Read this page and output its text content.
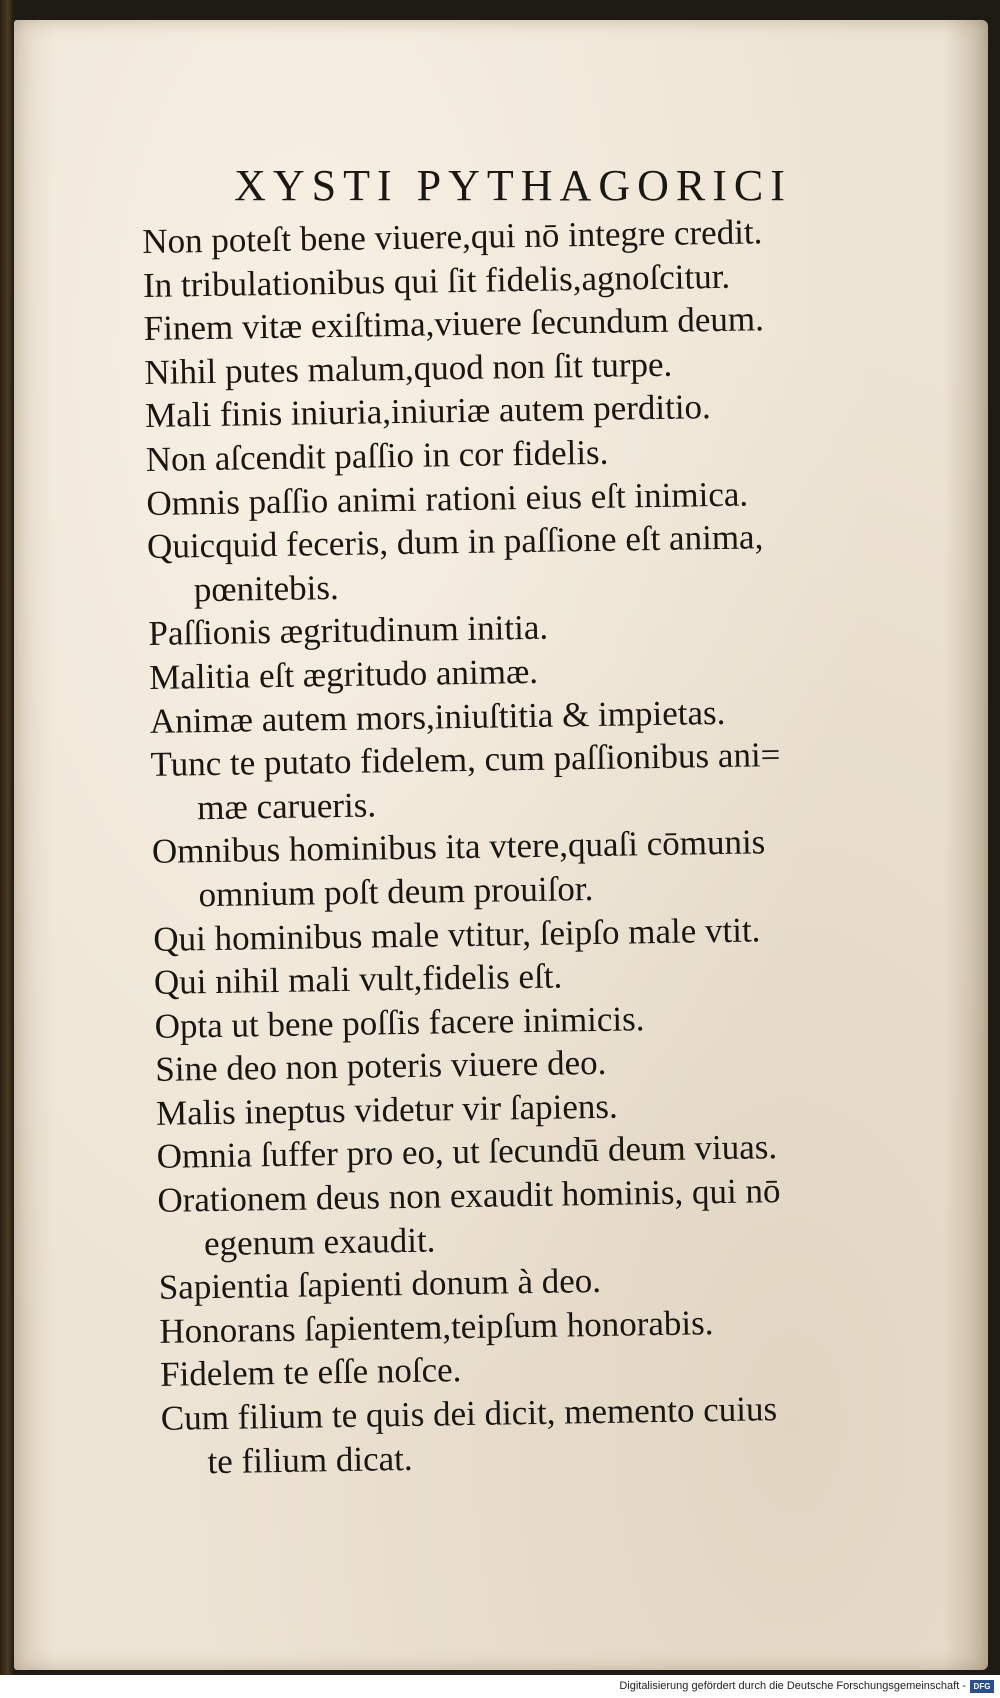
XYSTI PYTHAGORICI
Non poteſt bene viuere,qui nō integre credit.
In tribulationibus qui ſit fidelis,agnoſcitur.
Finem vitæ exiſtima,viuere ſecundum deum.
Nihil putes malum,quod non ſit turpe.
Mali finis iniuria,iniuriæ autem perditio.
Non aſcendit paſſio in cor fidelis.
Omnis paſſio animi rationi eius eſt inimica.
Quicquid feceris, dum in paſſione eſt anima,
pœnitebis.
Paſſionis ægritudinum initia.
Malitia eſt ægritudo animæ.
Animæ autem mors,iniuſtitia & impietas.
Tunc te putato fidelem, cum paſſionibus ani=
mæ carueris.
Omnibus hominibus ita vtere,quaſi cōmunis
omnium poſt deum prouiſor.
Qui hominibus male vtitur, ſeipſo male vtit.
Qui nihil mali vult,fidelis eſt.
Opta ut bene poſſis facere inimicis.
Sine deo non poteris viuere deo.
Malis ineptus videtur vir ſapiens.
Omnia ſuffer pro eo, ut ſecundū deum viuas.
Orationem deus non exaudit hominis, qui nō
egenum exaudit.
Sapientia ſapienti donum à deo.
Honorans ſapientem,teipſum honorabis.
Fidelem te eſſe noſce.
Cum filium te quis dei dicit, memento cuius
te filium dicat.
Digitalisierung gefördert durch die Deutsche Forschungsgemeinschaft - DFG
